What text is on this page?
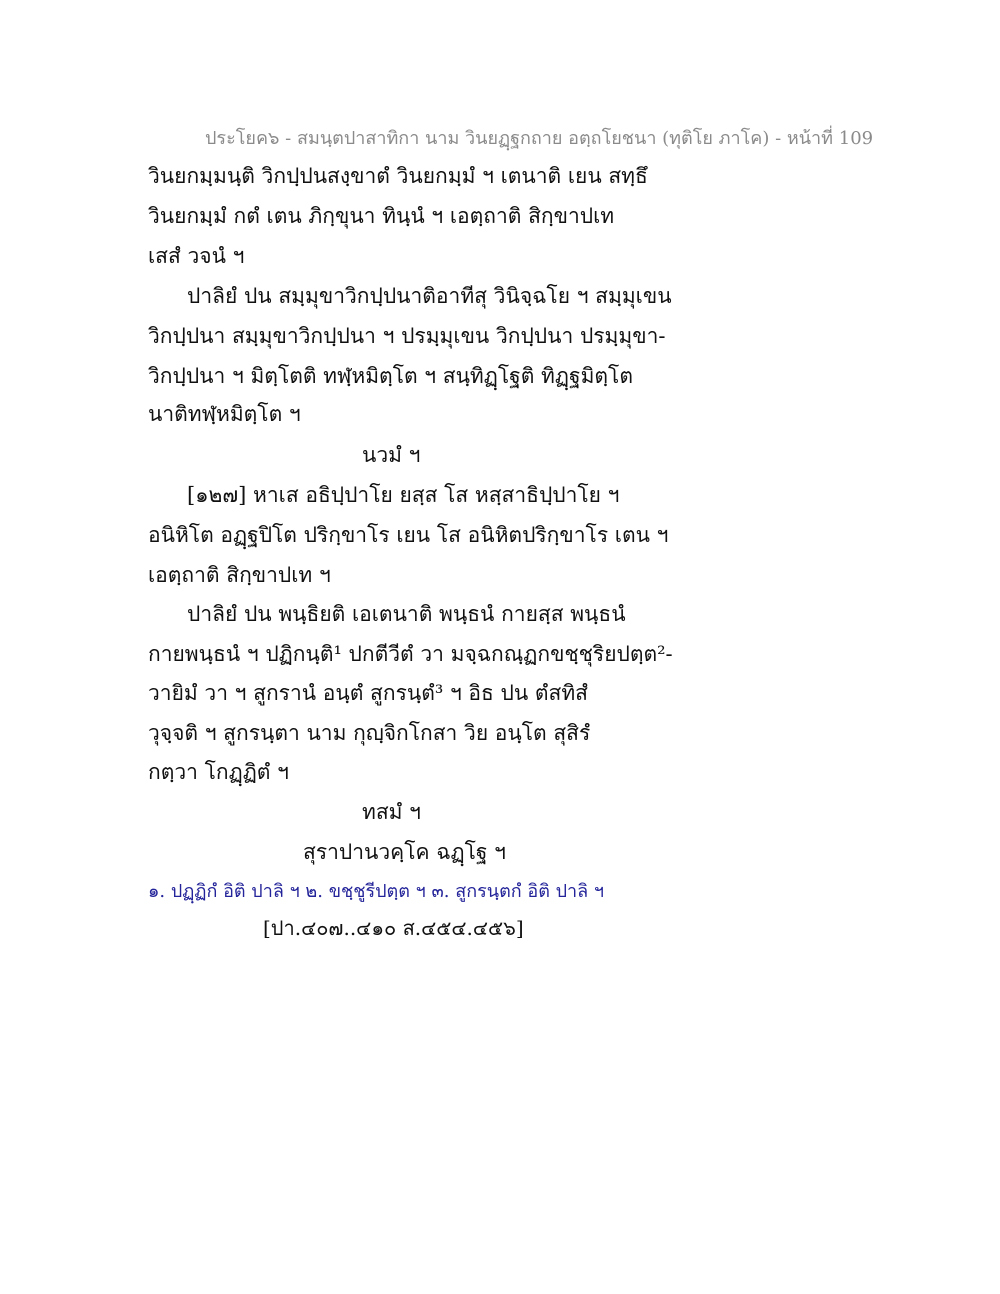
ประโยค๖ - สมนฺตปาสาทิกา นาม วินยฏฺฐกถาย อตฺถโยชนา (ทุติโย ภาโค) - หน้าที่ 109
วินยกมฺมนฺติ วิกปฺปนสงฺขาตํ วินยกมฺมํ ฯ เตนาติ เยน สทฺธึ
วินยกมฺมํ กตํ เตน ภิกฺขุนา ทินฺนํ ฯ เอตฺถาติ สิกฺขาปเท
เสสํ วจนํ ฯ
ปาลิยํ ปน สมฺมุขาวิกปฺปนาติอาทีสุ วินิจฺฉโย ฯ สมฺมุเขน
วิกปฺปนา สมฺมุขาวิกปฺปนา ฯ ปรมฺมุเขน วิกปฺปนา ปรมฺมุขา-
วิกปฺปนา ฯ มิตฺโตติ ทฬฺหมิตฺโต ฯ สนฺทิฏฺโฐติ ทิฏฺฐมิตฺโต
นาติทฬฺหมิตฺโต ฯ
นวมํ ฯ
[๑๒๗] หาเส อธิปฺปาโย ยสฺส โส หสฺสาธิปฺปาโย ฯ
อนิหิโต อฏฺฐปิโต ปริกฺขาโร เยน โส อนิหิตปริกฺขาโร เตน ฯ
เอตฺถาติ สิกฺขาปเท ฯ
ปาลิยํ ปน พนฺธิยติ เอเตนาติ พนฺธนํ กายสฺส พนฺธนํ
กายพนฺธนํ ฯ ปฏิกนฺติ¹ ปกตีวีตํ วา มจฺฉกณฺฏกขชฺชุริยปตฺต²-
วายิมํ วา ฯ สูกรานํ อนฺตํ สูกรนฺตํ³ ฯ อิธ ปน ตํสทิสํ
วุจฺจติ ฯ สูกรนฺตา นาม กุญฺจิกโกสา วิย อนฺโต สุสิรํ
กตฺวา โกฏฺฏิตํ ฯ
ทสมํ ฯ
สุราปานวคฺโค ฉฏฺโฐ ฯ
๑. ปฏฺฏิกํ อิติ ปาลิ ฯ ๒. ขชฺชูรีปตฺต ฯ ๓. สูกรนฺตกํ อิติ ปาลิ ฯ
[ปา.๔๐๗..๔๑๐ ส.๔๕๔.๔๕๖]
